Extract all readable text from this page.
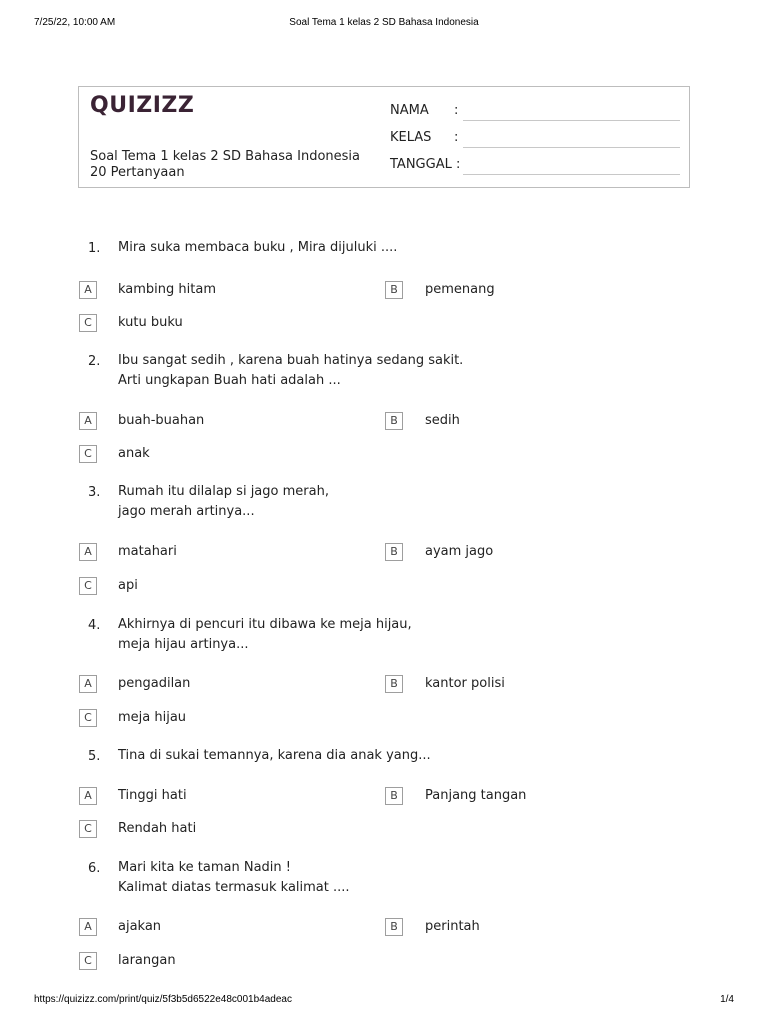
7/25/22, 10:00 AM	Soal Tema 1 kelas 2 SD Bahasa Indonesia
QUIZIZZ
Soal Tema 1 kelas 2 SD Bahasa Indonesia
20 Pertanyaan
NAMA :
KELAS :
TANGGAL :
1. Mira suka membaca buku , Mira dijuluki ....
A	kambing hitam	B	pemenang
C	kutu buku
2. Ibu sangat sedih , karena buah hatinya sedang sakit.
Arti ungkapan Buah hati adalah ...
A	buah-buahan	B	sedih
C	anak
3. Rumah itu dilalap si jago merah,
jago merah artinya...
A	matahari	B	ayam jago
C	api
4. Akhirnya di pencuri itu dibawa ke meja hijau,
meja hijau artinya...
A	pengadilan	B	kantor polisi
C	meja hijau
5. Tina di sukai temannya, karena dia anak yang...
A	Tinggi hati	B	Panjang tangan
C	Rendah hati
6. Mari kita ke taman Nadin !
Kalimat diatas termasuk kalimat ....
A	ajakan	B	perintah
C	larangan
https://quizizz.com/print/quiz/5f3b5d6522e48c001b4adeac	1/4
